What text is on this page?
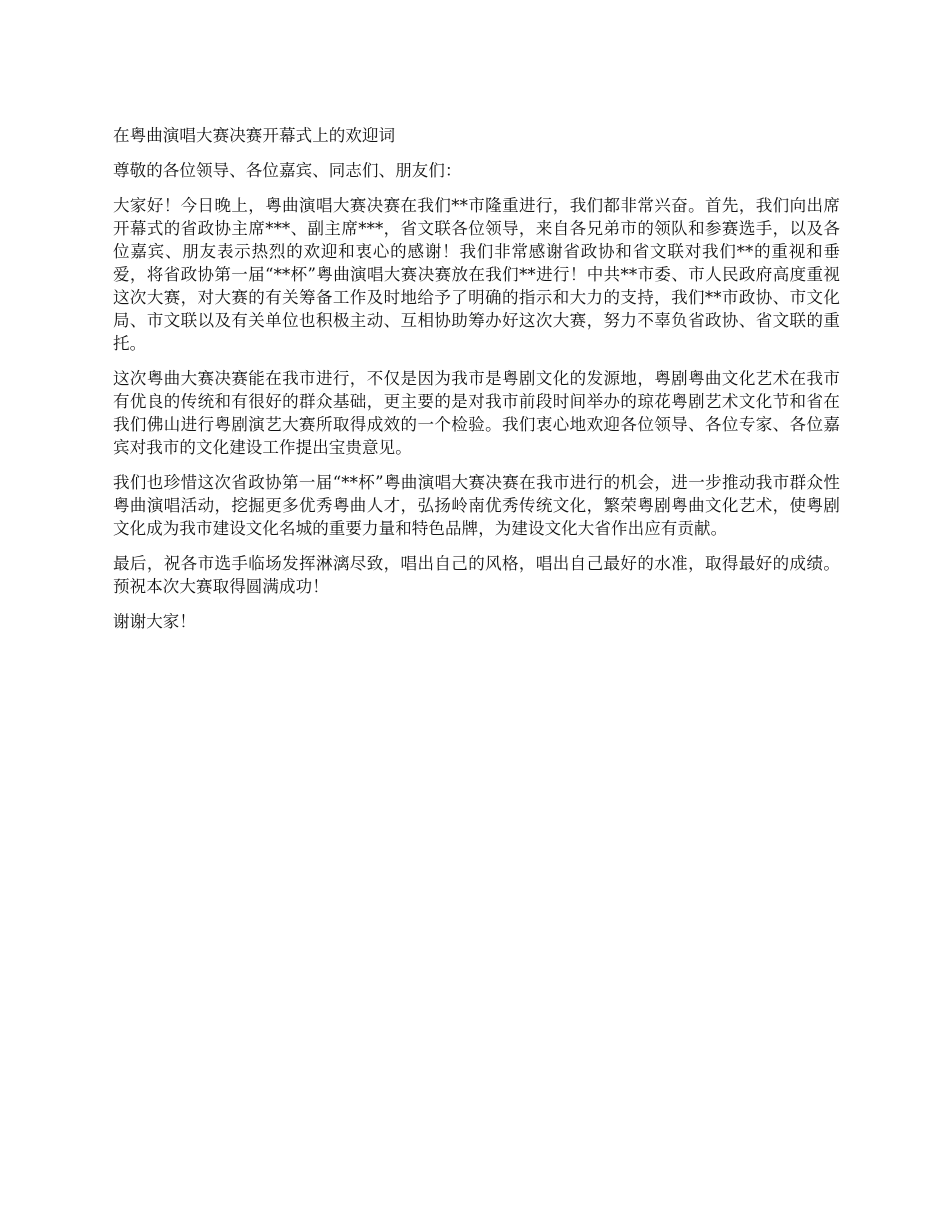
在粤曲演唱大赛决赛开幕式上的欢迎词

尊敬的各位领导、各位嘉宾、同志们、朋友们：

大家好！今日晚上，粤曲演唱大赛决赛在我们**市隆重进行，我们都非常兴奋。首先，我们向出席开幕式的省政协主席***、副主席***，省文联各位领导，来自各兄弟市的领队和参赛选手，以及各位嘉宾、朋友表示热烈的欢迎和衷心的感谢！我们非常感谢省政协和省文联对我们**的重视和垂爱，将省政协第一届“**杯”粤曲演唱大赛决赛放在我们**进行！中共**市委、市人民政府高度重视这次大赛，对大赛的有关筹备工作及时地给予了明确的指示和大力的支持，我们**市政协、市文化局、市文联以及有关单位也积极主动、互相协助筹办好这次大赛，努力不辜负省政协、省文联的重托。

这次粤曲大赛决赛能在我市进行，不仅是因为我市是粤剧文化的发源地，粤剧粤曲文化艺术在我市有优良的传统和有很好的群众基础，更主要的是对我市前段时间举办的琼花粤剧艺术文化节和省在我们佛山进行粤剧演艺大赛所取得成效的一个检验。我们衷心地欢迎各位领导、各位专家、各位嘉宾对我市的文化建设工作提出宝贵意见。

我们也珍惜这次省政协第一届“**杯”粤曲演唱大赛决赛在我市进行的机会，进一步推动我市群众性粤曲演唱活动，挖掘更多优秀粤曲人才，弘扬岭南优秀传统文化，繁荣粤剧粤曲文化艺术，使粤剧文化成为我市建设文化名城的重要力量和特色品牌，为建设文化大省作出应有贡献。

最后，祝各市选手临场发挥淋漓尽致，唱出自己的风格，唱出自己最好的水准，取得最好的成绩。预祝本次大赛取得圆满成功！

谢谢大家！
